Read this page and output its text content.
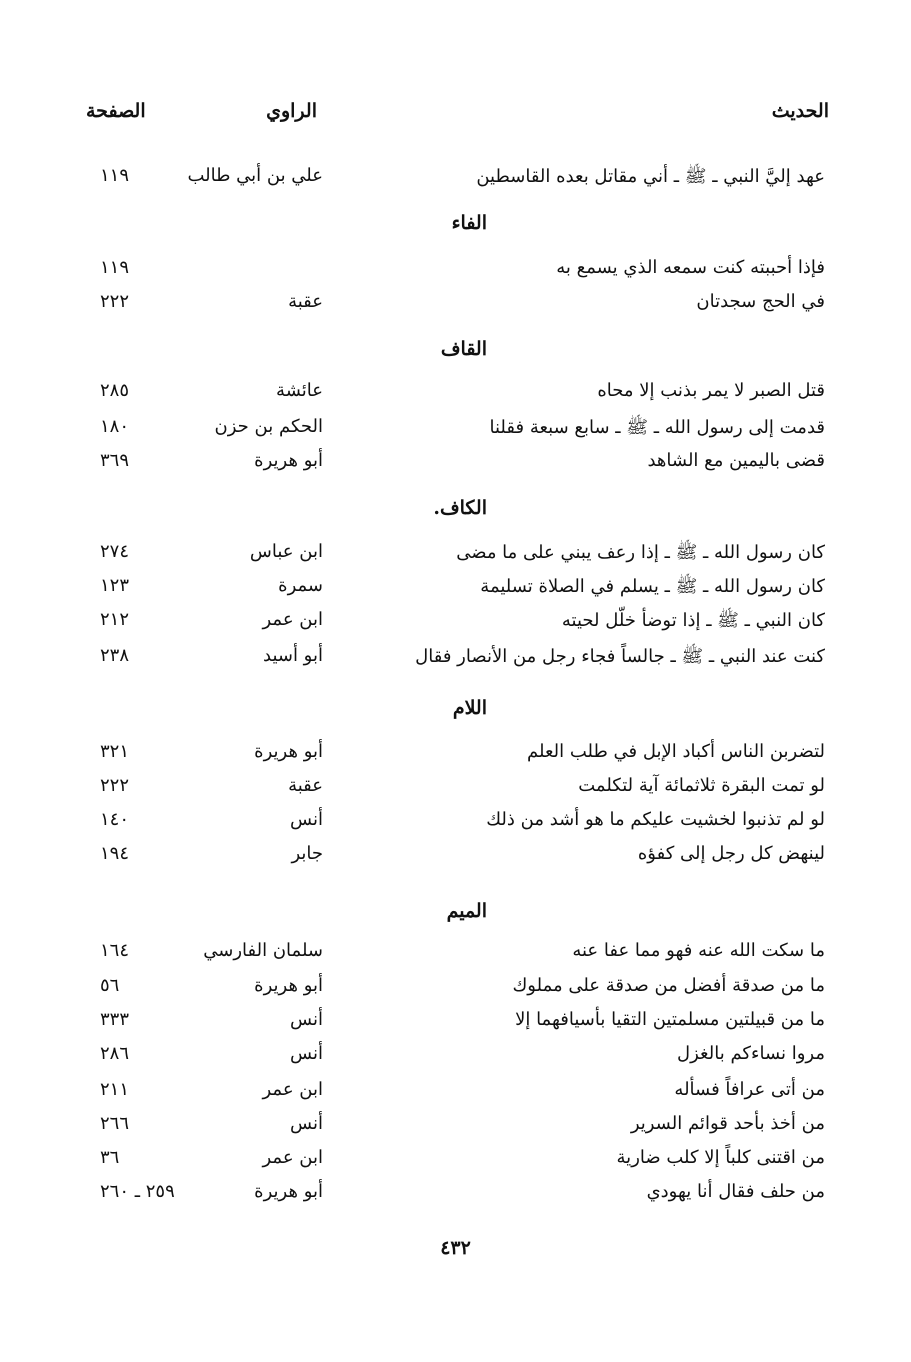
الحديث
الراوي
الصفحة
عهد إليَّ النبي ـ ﷺ ـ أني مقاتل بعده القاسطين
علي بن أبي طالب
١١٩
الفاء
فإذا أحببته كنت سمعه الذي يسمع به
١١٩
في الحج سجدتان
عقبة
٢٢٢
القاف
قتل الصبر لا يمر بذنب إلا محاه
عائشة
٢٨٥
قدمت إلى رسول الله ـ ﷺ ـ سابع سبعة فقلنا
الحكم بن حزن
١٨٠
قضى باليمين مع الشاهد
أبو هريرة
٣٦٩
الكاف.
كان رسول الله ـ ﷺ ـ إذا رعف يبني على ما مضى
ابن عباس
٢٧٤
كان رسول الله ـ ﷺ ـ يسلم في الصلاة تسليمة
سمرة
١٢٣
كان النبي ـ ﷺ ـ إذا توضأ خلّل لحيته
ابن عمر
٢١٢
كنت عند النبي ـ ﷺ ـ جالساً فجاء رجل من الأنصار فقال
أبو أسيد
٢٣٨
اللام
لتضربن الناس أكباد الإبل في طلب العلم
أبو هريرة
٣٢١
لو تمت البقرة ثلاثمائة آية لتكلمت
عقبة
٢٢٢
لو لم تذنبوا لخشيت عليكم ما هو أشد من ذلك
أنس
١٤٠
لينهض كل رجل إلى كفؤه
جابر
١٩٤
الميم
ما سكت الله عنه فهو مما عفا عنه
سلمان الفارسي
١٦٤
ما من صدقة أفضل من صدقة على مملوك
أبو هريرة
٥٦
ما من قبيلتين مسلمتين التقيا بأسيافهما إلا
أنس
٣٣٣
مروا نساءكم بالغزل
أنس
٢٨٦
من أتى عرافاً فسأله
ابن عمر
٢١١
من أخذ بأحد قوائم السرير
أنس
٢٦٦
من اقتنى كلباً إلا كلب ضارية
ابن عمر
٣٦
من حلف فقال أنا يهودي
أبو هريرة
٢٥٩ ـ ٢٦٠
٤٣٢
